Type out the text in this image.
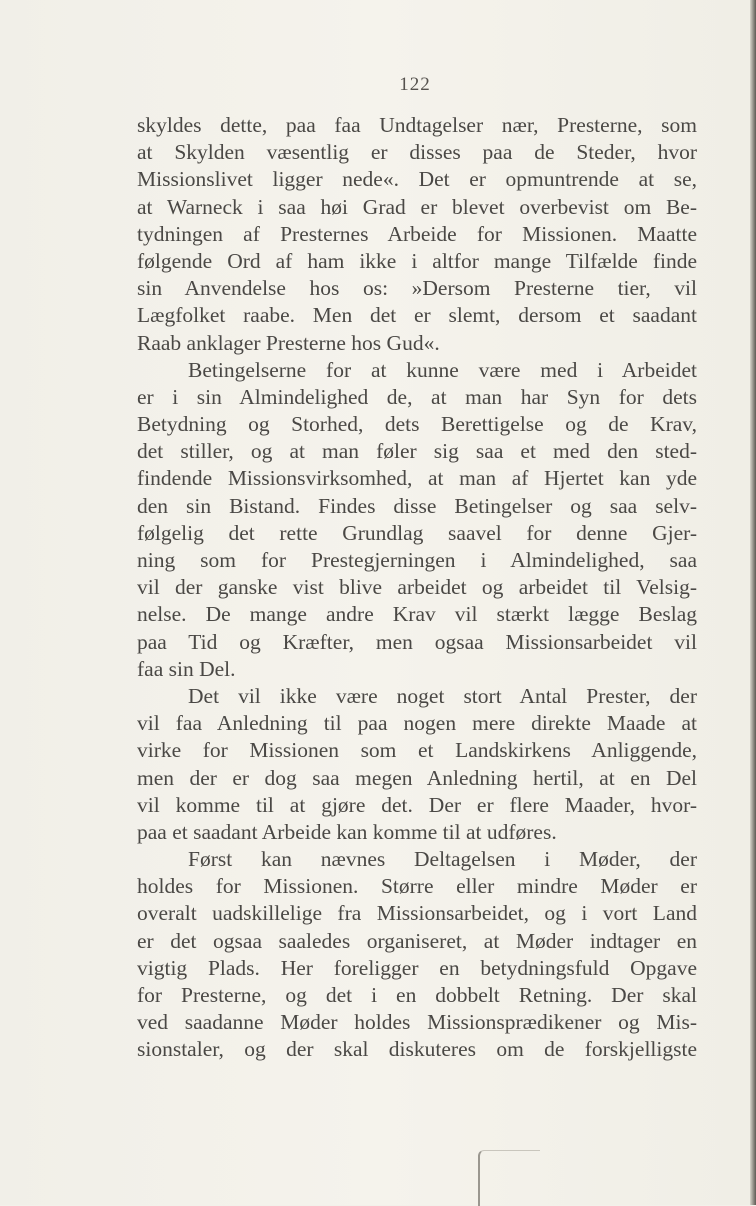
122
skyldes dette, paa faa Undtagelser nær, Presterne, som
at Skylden væsentlig er disses paa de Steder, hvor
Missionslivet ligger nede«. Det er opmuntrende at se,
at Warneck i saa høi Grad er blevet overbevist om Be-
tydningen af Presternes Arbeide for Missionen. Maatte
følgende Ord af ham ikke i altfor mange Tilfælde finde
sin Anvendelse hos os: »Dersom Presterne tier, vil
Lægfolket raabe. Men det er slemt, dersom et saadant
Raab anklager Presterne hos Gud«.
Betingelserne for at kunne være med i Arbeidet
er i sin Almindelighed de, at man har Syn for dets
Betydning og Storhed, dets Berettigelse og de Krav,
det stiller, og at man føler sig saa et med den sted-
findende Missionsvirksomhed, at man af Hjertet kan yde
den sin Bistand. Findes disse Betingelser og saa selv-
følgelig det rette Grundlag saavel for denne Gjer-
ning som for Prestegjerningen i Almindelighed, saa
vil der ganske vist blive arbeidet og arbeidet til Velsig-
nelse. De mange andre Krav vil stærkt lægge Beslag
paa Tid og Kræfter, men ogsaa Missionsarbeidet vil
faa sin Del.
Det vil ikke være noget stort Antal Prester, der
vil faa Anledning til paa nogen mere direkte Maade at
virke for Missionen som et Landskirkens Anliggende,
men der er dog saa megen Anledning hertil, at en Del
vil komme til at gjøre det. Der er flere Maader, hvor-
paa et saadant Arbeide kan komme til at udføres.
Først kan nævnes Deltagelsen i Møder, der
holdes for Missionen. Større eller mindre Møder er
overalt uadskillelige fra Missionsarbeidet, og i vort Land
er det ogsaa saaledes organiseret, at Møder indtager en
vigtig Plads. Her foreligger en betydningsfuld Opgave
for Presterne, og det i en dobbelt Retning. Der skal
ved saadanne Møder holdes Missionsprædikener og Mis-
sionstaler, og der skal diskuteres om de forskjelligste
